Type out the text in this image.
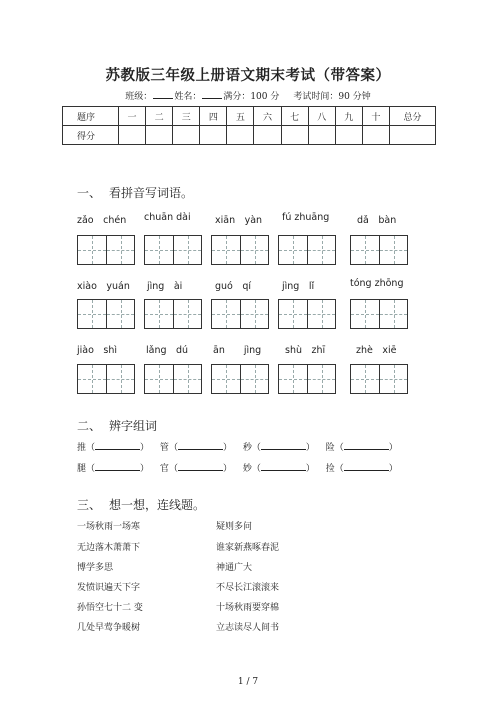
苏教版三年级上册语文期末考试（带答案）
班级： 姓名： 满分：100 分 考试时间：90 分钟
题序	一	二	三	四	五	六	七	八	九	十	总分
得分											
一、 看拼音写词语。
zǎo　chén chuān dài	xiān　yàn fú zhuāng	dǎ　bàn
xiào　yuán jìng　ài	guó　qí	jìng　lǐ	tóng zhōng
jiào　shì	lǎng　dú	ān　　jìng	shù　zhī	zhè　xiē
二、 辨字组词
推（	） 管（	） 秒（	） 险（	）
腿（	） 官（	） 妙（	） 捡（	）
三、 想一想，连线题。
一场秋雨一场寒
无边落木萧萧下
博学多思
发愤识遍天下字
孙悟空七十二 变
几处早莺争暖树
疑则多问
谁家新燕啄春泥
神通广大
不尽长江滚滚来
十场秋雨要穿棉
立志读尽人间书
1 / 7
